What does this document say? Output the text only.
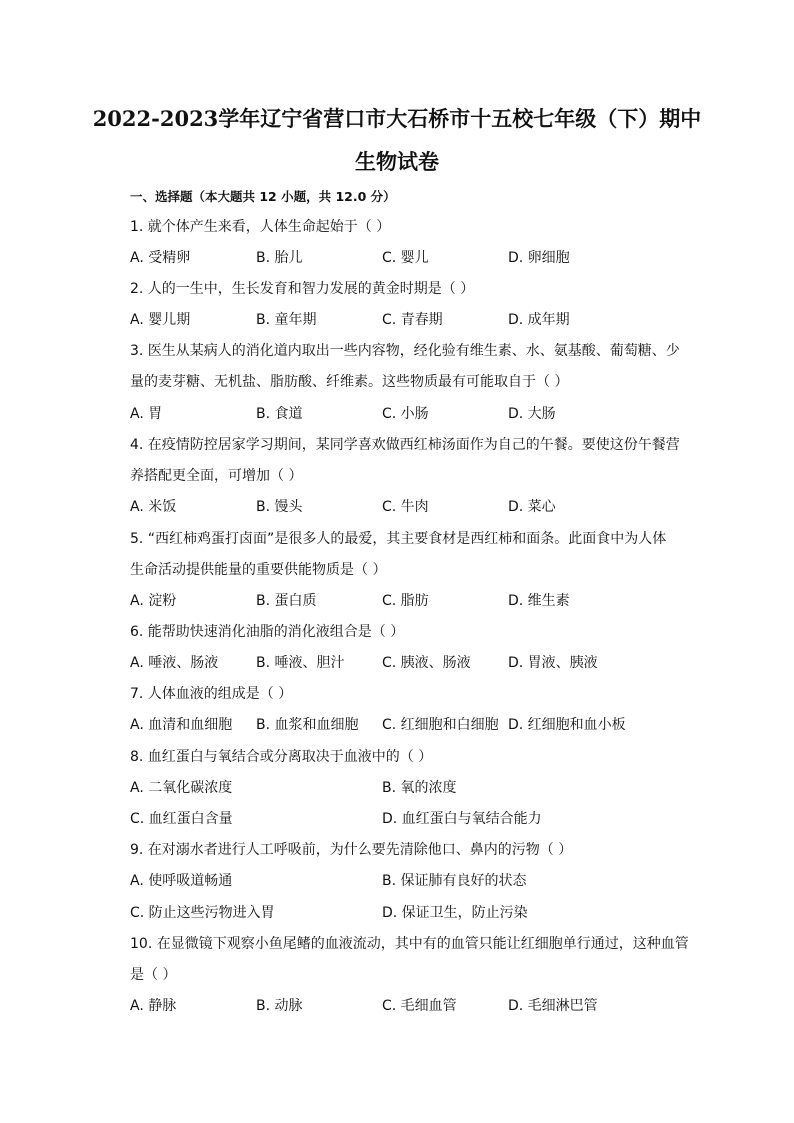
2022-2023学年辽宁省营口市大石桥市十五校七年级（下）期中
生物试卷
一、选择题（本大题共 12 小题，共 12.0 分）
1. 就个体产生来看，人体生命起始于（ ）
A. 受精卵	B. 胎儿	C. 婴儿	D. 卵细胞
2. 人的一生中，生长发育和智力发展的黄金时期是（ ）
A. 婴儿期	B. 童年期	C. 青春期	D. 成年期
3. 医生从某病人的消化道内取出一些内容物，经化验有维生素、水、氨基酸、葡萄糖、少
量的麦芽糖、无机盐、脂肪酸、纤维素。这些物质最有可能取自于（ ）
A. 胃	B. 食道	C. 小肠	D. 大肠
4. 在疫情防控居家学习期间，某同学喜欢做西红柿汤面作为自己的午餐。要使这份午餐营
养搭配更全面，可增加（ ）
A. 米饭	B. 馒头	C. 牛肉	D. 菜心
5. “西红柿鸡蛋打卤面”是很多人的最爱，其主要食材是西红柿和面条。此面食中为人体
生命活动提供能量的重要供能物质是（ ）
A. 淀粉	B. 蛋白质	C. 脂肪	D. 维生素
6. 能帮助快速消化油脂的消化液组合是（ ）
A. 唾液、肠液	B. 唾液、胆汁	C. 胰液、肠液	D. 胃液、胰液
7. 人体血液的组成是（ ）
A. 血清和血细胞 B. 血浆和血细胞 C. 红细胞和白细胞 D. 红细胞和血小板
8. 血红蛋白与氧结合或分离取决于血液中的（ ）
A. 二氧化碳浓度	B. 氧的浓度
C. 血红蛋白含量	D. 血红蛋白与氧结合能力
9. 在对溺水者进行人工呼吸前，为什么要先清除他口、鼻内的污物（ ）
A. 使呼吸道畅通	B. 保证肺有良好的状态
C. 防止这些污物进入胃	D. 保证卫生，防止污染
10. 在显微镜下观察小鱼尾鳍的血液流动，其中有的血管只能让红细胞单行通过，这种血管
是（ ）
A. 静脉	B. 动脉	C. 毛细血管	D. 毛细淋巴管
